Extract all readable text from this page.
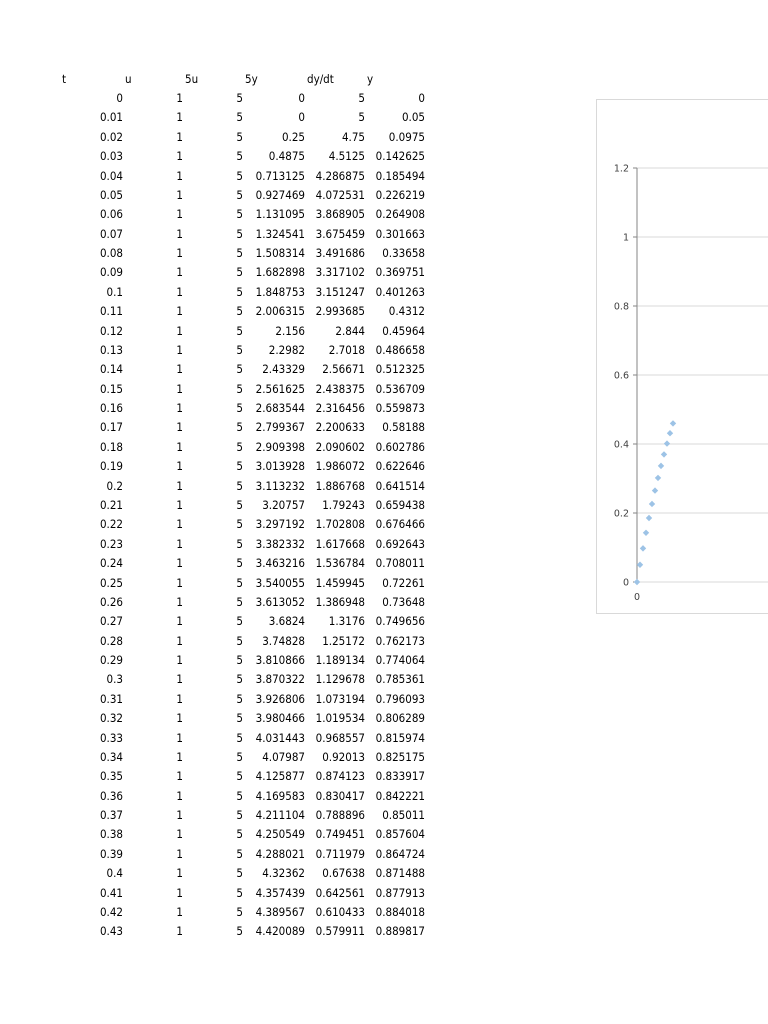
t	u	5u	5y	dy/dt	y
0	1	5	0	5	0
0.01	1	5	0	5	0.05
0.02	1	5	0.25	4.75 0.0975
0.03	1	5 0.4875 4.5125 0.142625
0.04	1	5 0.713125 4.286875 0.185494
0.05	1	5 0.927469 4.072531 0.226219
0.06	1	5 1.131095 3.868905 0.264908
0.07	1	5 1.324541 3.675459 0.301663
0.08	1	5 1.508314 3.491686 0.33658
0.09	1	5 1.682898 3.317102 0.369751
0.1	1	5 1.848753 3.151247 0.401263
0.11	1	5 2.006315 2.993685 0.4312
0.12	1	5	2.156	2.844 0.45964
0.13	1	5 2.2982 2.7018 0.486658
0.14	1	5 2.43329 2.56671 0.512325
0.15	1	5 2.561625 2.438375 0.536709
0.16	1	5 2.683544 2.316456 0.559873
0.17	1	5 2.799367 2.200633 0.58188
0.18	1	5 2.909398 2.090602 0.602786
0.19	1	5 3.013928 1.986072 0.622646
0.2	1	5 3.113232 1.886768 0.641514
0.21	1	5 3.20757 1.79243 0.659438
0.22	1	5 3.297192 1.702808 0.676466
0.23	1	5 3.382332 1.617668 0.692643
0.24	1	5 3.463216 1.536784 0.708011
0.25	1	5 3.540055 1.459945 0.72261
0.26	1	5 3.613052 1.386948 0.73648
0.27	1	5 3.6824 1.3176 0.749656
0.28	1	5 3.74828 1.25172 0.762173
0.29	1	5 3.810866 1.189134 0.774064
0.3	1	5 3.870322 1.129678 0.785361
0.31	1	5 3.926806 1.073194 0.796093
0.32	1	5 3.980466 1.019534 0.806289
0.33	1	5 4.031443 0.968557 0.815974
0.34	1	5 4.07987 0.92013 0.825175
0.35	1	5 4.125877 0.874123 0.833917
0.36	1	5 4.169583 0.830417 0.842221
0.37	1	5 4.211104 0.788896 0.85011
0.38	1	5 4.250549 0.749451 0.857604
0.39	1	5 4.288021 0.711979 0.864724
0.4	1	5 4.32362 0.67638 0.871488
0.41	1	5 4.357439 0.642561 0.877913
0.42	1	5 4.389567 0.610433 0.884018
0.43	1	5 4.420089 0.579911 0.889817
0
0.2
0.4
0.6
0.8
1
1.2
0
